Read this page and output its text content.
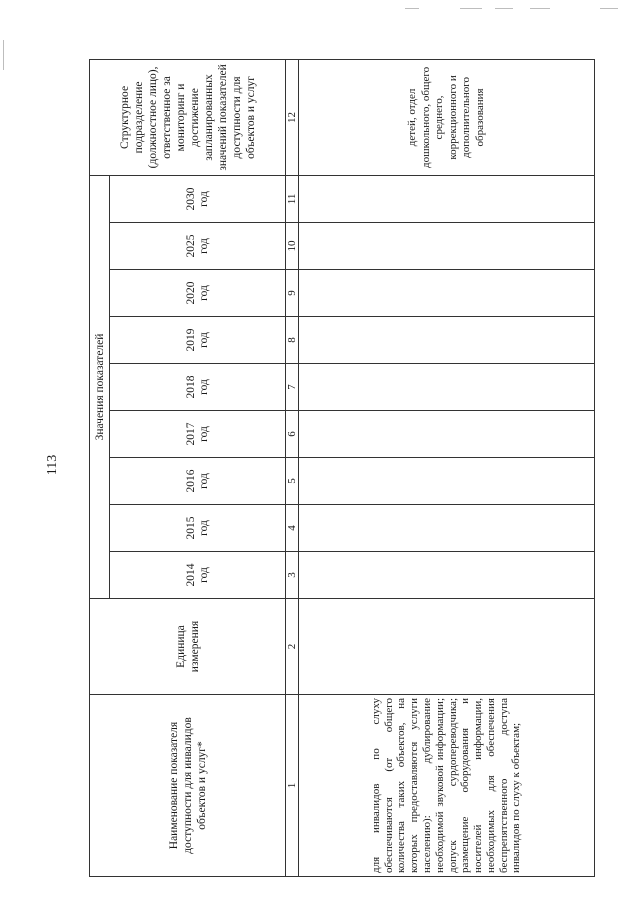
113
Наименование показателя доступности для инвалидов объектов и услуг*	Единица измерения	Значения показателей									Структурное подразделение (должностное лицо), ответственное за мониторинг и достижение запланированных значений показателей доступности для объектов и услуг
		2014 год	2015 год	2016 год	2017 год	2018 год	2019 год	2020 год	2025 год	2030 год	
1	2	3	4	5	6	7	8	9	10	11	12
для инвалидов по слуху обеспечиваются (от общего количества таких объектов, на которых предоставляются услуги населению): дублирование необходимой звуковой информации; допуск сурдопереводчика; размещение оборудования и носителей информации, необходимых для обеспечения беспрепятственного доступа инвалидов по слуху к объектам;											детей, отдел дошкольного, общего среднего, коррекционного и дополнительного образования
